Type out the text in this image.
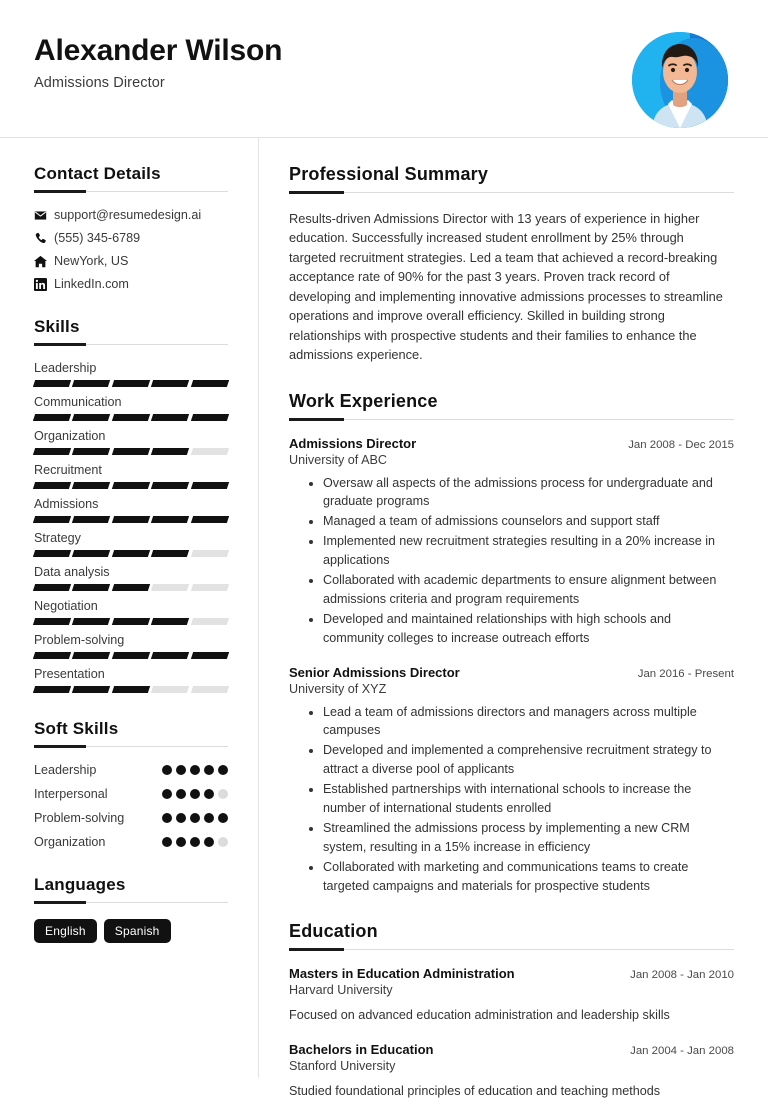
Alexander Wilson
Admissions Director
Contact Details
support@resumedesign.ai
(555) 345-6789
NewYork, US
LinkedIn.com
Skills
Leadership
Communication
Organization
Recruitment
Admissions
Strategy
Data analysis
Negotiation
Problem-solving
Presentation
Soft Skills
Leadership
Interpersonal
Problem-solving
Organization
Languages
English	Spanish
Professional Summary

Results-driven Admissions Director with 13 years of experience in higher education. Successfully increased student enrollment by 25% through targeted recruitment strategies. Led a team that achieved a record-breaking acceptance rate of 90% for the past 3 years. Proven track record of developing and implementing innovative admissions processes to streamline operations and improve overall efficiency. Skilled in building strong relationships with prospective students and their families to enhance the admissions experience.

Work Experience
Admissions Director	Jan 2008 - Dec 2015
University of ABC
• Oversaw all aspects of the admissions process for undergraduate and graduate programs
• Managed a team of admissions counselors and support staff
• Implemented new recruitment strategies resulting in a 20% increase in applications
• Collaborated with academic departments to ensure alignment between admissions criteria and program requirements
• Developed and maintained relationships with high schools and community colleges to increase outreach efforts
Senior Admissions Director	Jan 2016 - Present
University of XYZ
• Lead a team of admissions directors and managers across multiple campuses
• Developed and implemented a comprehensive recruitment strategy to attract a diverse pool of applicants
• Established partnerships with international schools to increase the number of international students enrolled
• Streamlined the admissions process by implementing a new CRM system, resulting in a 15% increase in efficiency
• Collaborated with marketing and communications teams to create targeted campaigns and materials for prospective students
Education
Masters in Education Administration	Jan 2008 - Jan 2010
Harvard University
Focused on advanced education administration and leadership skills
Bachelors in Education	Jan 2004 - Jan 2008
Stanford University
Studied foundational principles of education and teaching methods
